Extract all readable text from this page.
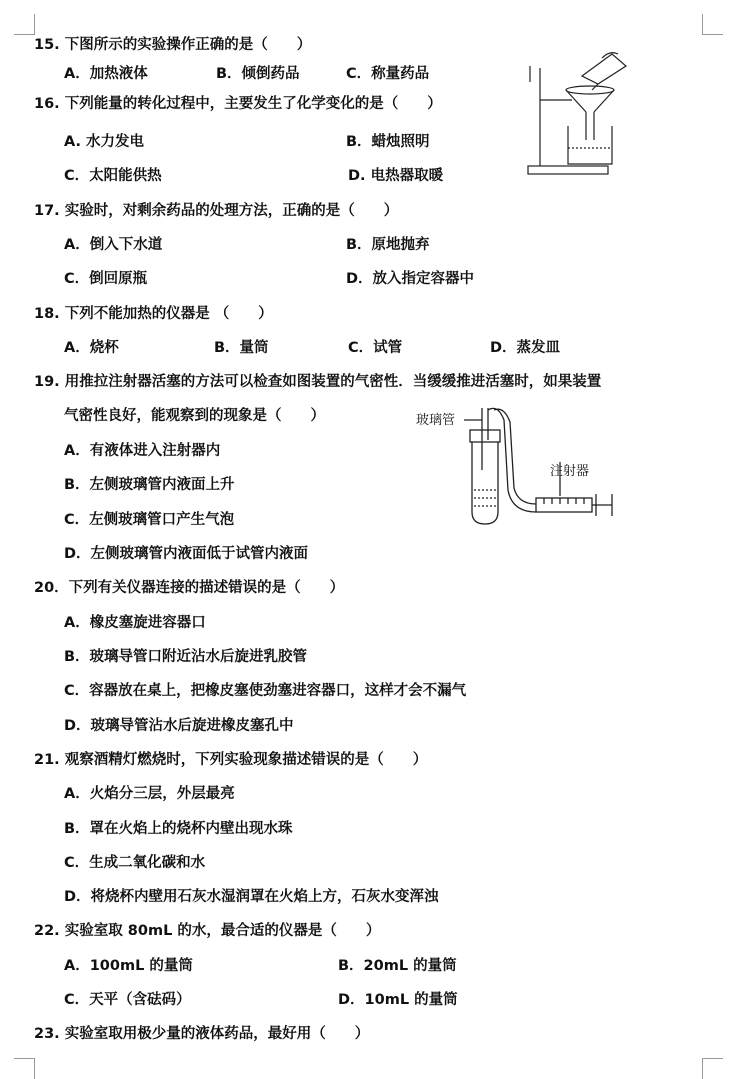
15. 下图所示的实验操作正确的是（　　）
A．加热液体	B．倾倒药品	C．称量药品
16. 下列能量的转化过程中，主要发生了化学变化的是（　　）
A. 水力发电	B．蜡烛照明
C．太阳能供热	D. 电热器取暖
17. 实验时，对剩余药品的处理方法，正确的是（　　）
A．倒入下水道	B．原地抛弃
C．倒回原瓶	D．放入指定容器中
18. 下列不能加热的仪器是 （　　）
A．烧杯	B．量筒	C．试管	D．蒸发皿
19. 用推拉注射器活塞的方法可以检查如图装置的气密性．当缓缓推进活塞时，如果装置
气密性良好，能观察到的现象是（　　）
A．有液体进入注射器内
B．左侧玻璃管内液面上升
C．左侧玻璃管口产生气泡
D．左侧玻璃管内液面低于试管内液面
玻璃管
注射器
20．下列有关仪器连接的描述错误的是（　　）
A．橡皮塞旋进容器口
B．玻璃导管口附近沾水后旋进乳胶管
C．容器放在桌上，把橡皮塞使劲塞进容器口，这样才会不漏气
D．玻璃导管沾水后旋进橡皮塞孔中
21. 观察酒精灯燃烧时，下列实验现象描述错误的是（　　）
A．火焰分三层，外层最亮
B．罩在火焰上的烧杯内壁出现水珠
C．生成二氧化碳和水
D．将烧杯内壁用石灰水湿润罩在火焰上方，石灰水变浑浊
22. 实验室取 80mL 的水，最合适的仪器是（　　）
A．100mL 的量筒	B．20mL 的量筒
C．天平（含砝码）	D．10mL 的量筒
23. 实验室取用极少量的液体药品，最好用（　　）
